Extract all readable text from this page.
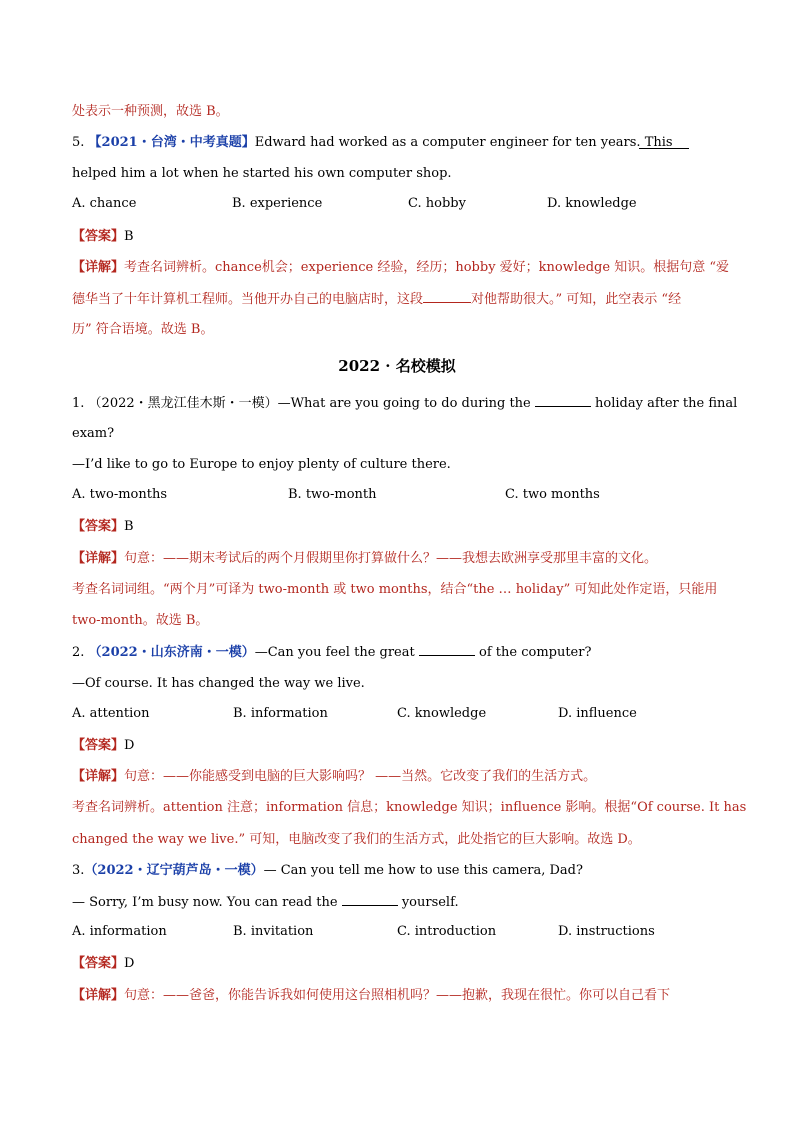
处表示一种预测，故选 B。
5. 【2021・台湾・中考真题】Edward had worked as a computer engineer for ten years. This
helped him a lot when he started his own computer shop.
A. chance	B. experience	C. hobby	D. knowledge
【答案】B
【详解】考查名词辨析。chance机会；experience 经验，经历；hobby 爱好；knowledge 知识。根据句意 “爱
德华当了十年计算机工程师。当他开办自己的电脑店时，这段	对他帮助很大。” 可知，此空表示 “经
历” 符合语境。故选 B。
2022 · 名校模拟
1. （2022・黑龙江佳木斯・一模）—What are you going to do during the	holiday after the final
exam?
—I’d like to go to Europe to enjoy plenty of culture there.
A. two-months	B. two-month	C. two months
【答案】B
【详解】句意：——期末考试后的两个月假期里你打算做什么？——我想去欧洲享受那里丰富的文化。
考查名词词组。“两个月”可译为 two-month 或 two months，结合“the … holiday” 可知此处作定语，只能用
two-month。故选 B。
2. （2022・山东济南・一模）—Can you feel the great	of the computer?
—Of course. It has changed the way we live.
A. attention	B. information	C. knowledge	D. influence
【答案】D
【详解】句意：——你能感受到电脑的巨大影响吗？ ——当然。它改变了我们的生活方式。
考查名词辨析。attention 注意；information 信息；knowledge 知识；influence 影响。根据“Of course. It has
changed the way we live.” 可知，电脑改变了我们的生活方式，此处指它的巨大影响。故选 D。
3.（2022・辽宁葫芦岛・一模）— Can you tell me how to use this camera, Dad?
— Sorry, I’m busy now. You can read the	yourself.
A. information	B. invitation	C. introduction	D. instructions
【答案】D
【详解】句意：——爸爸，你能告诉我如何使用这台照相机吗？——抱歉，我现在很忙。你可以自己看下
